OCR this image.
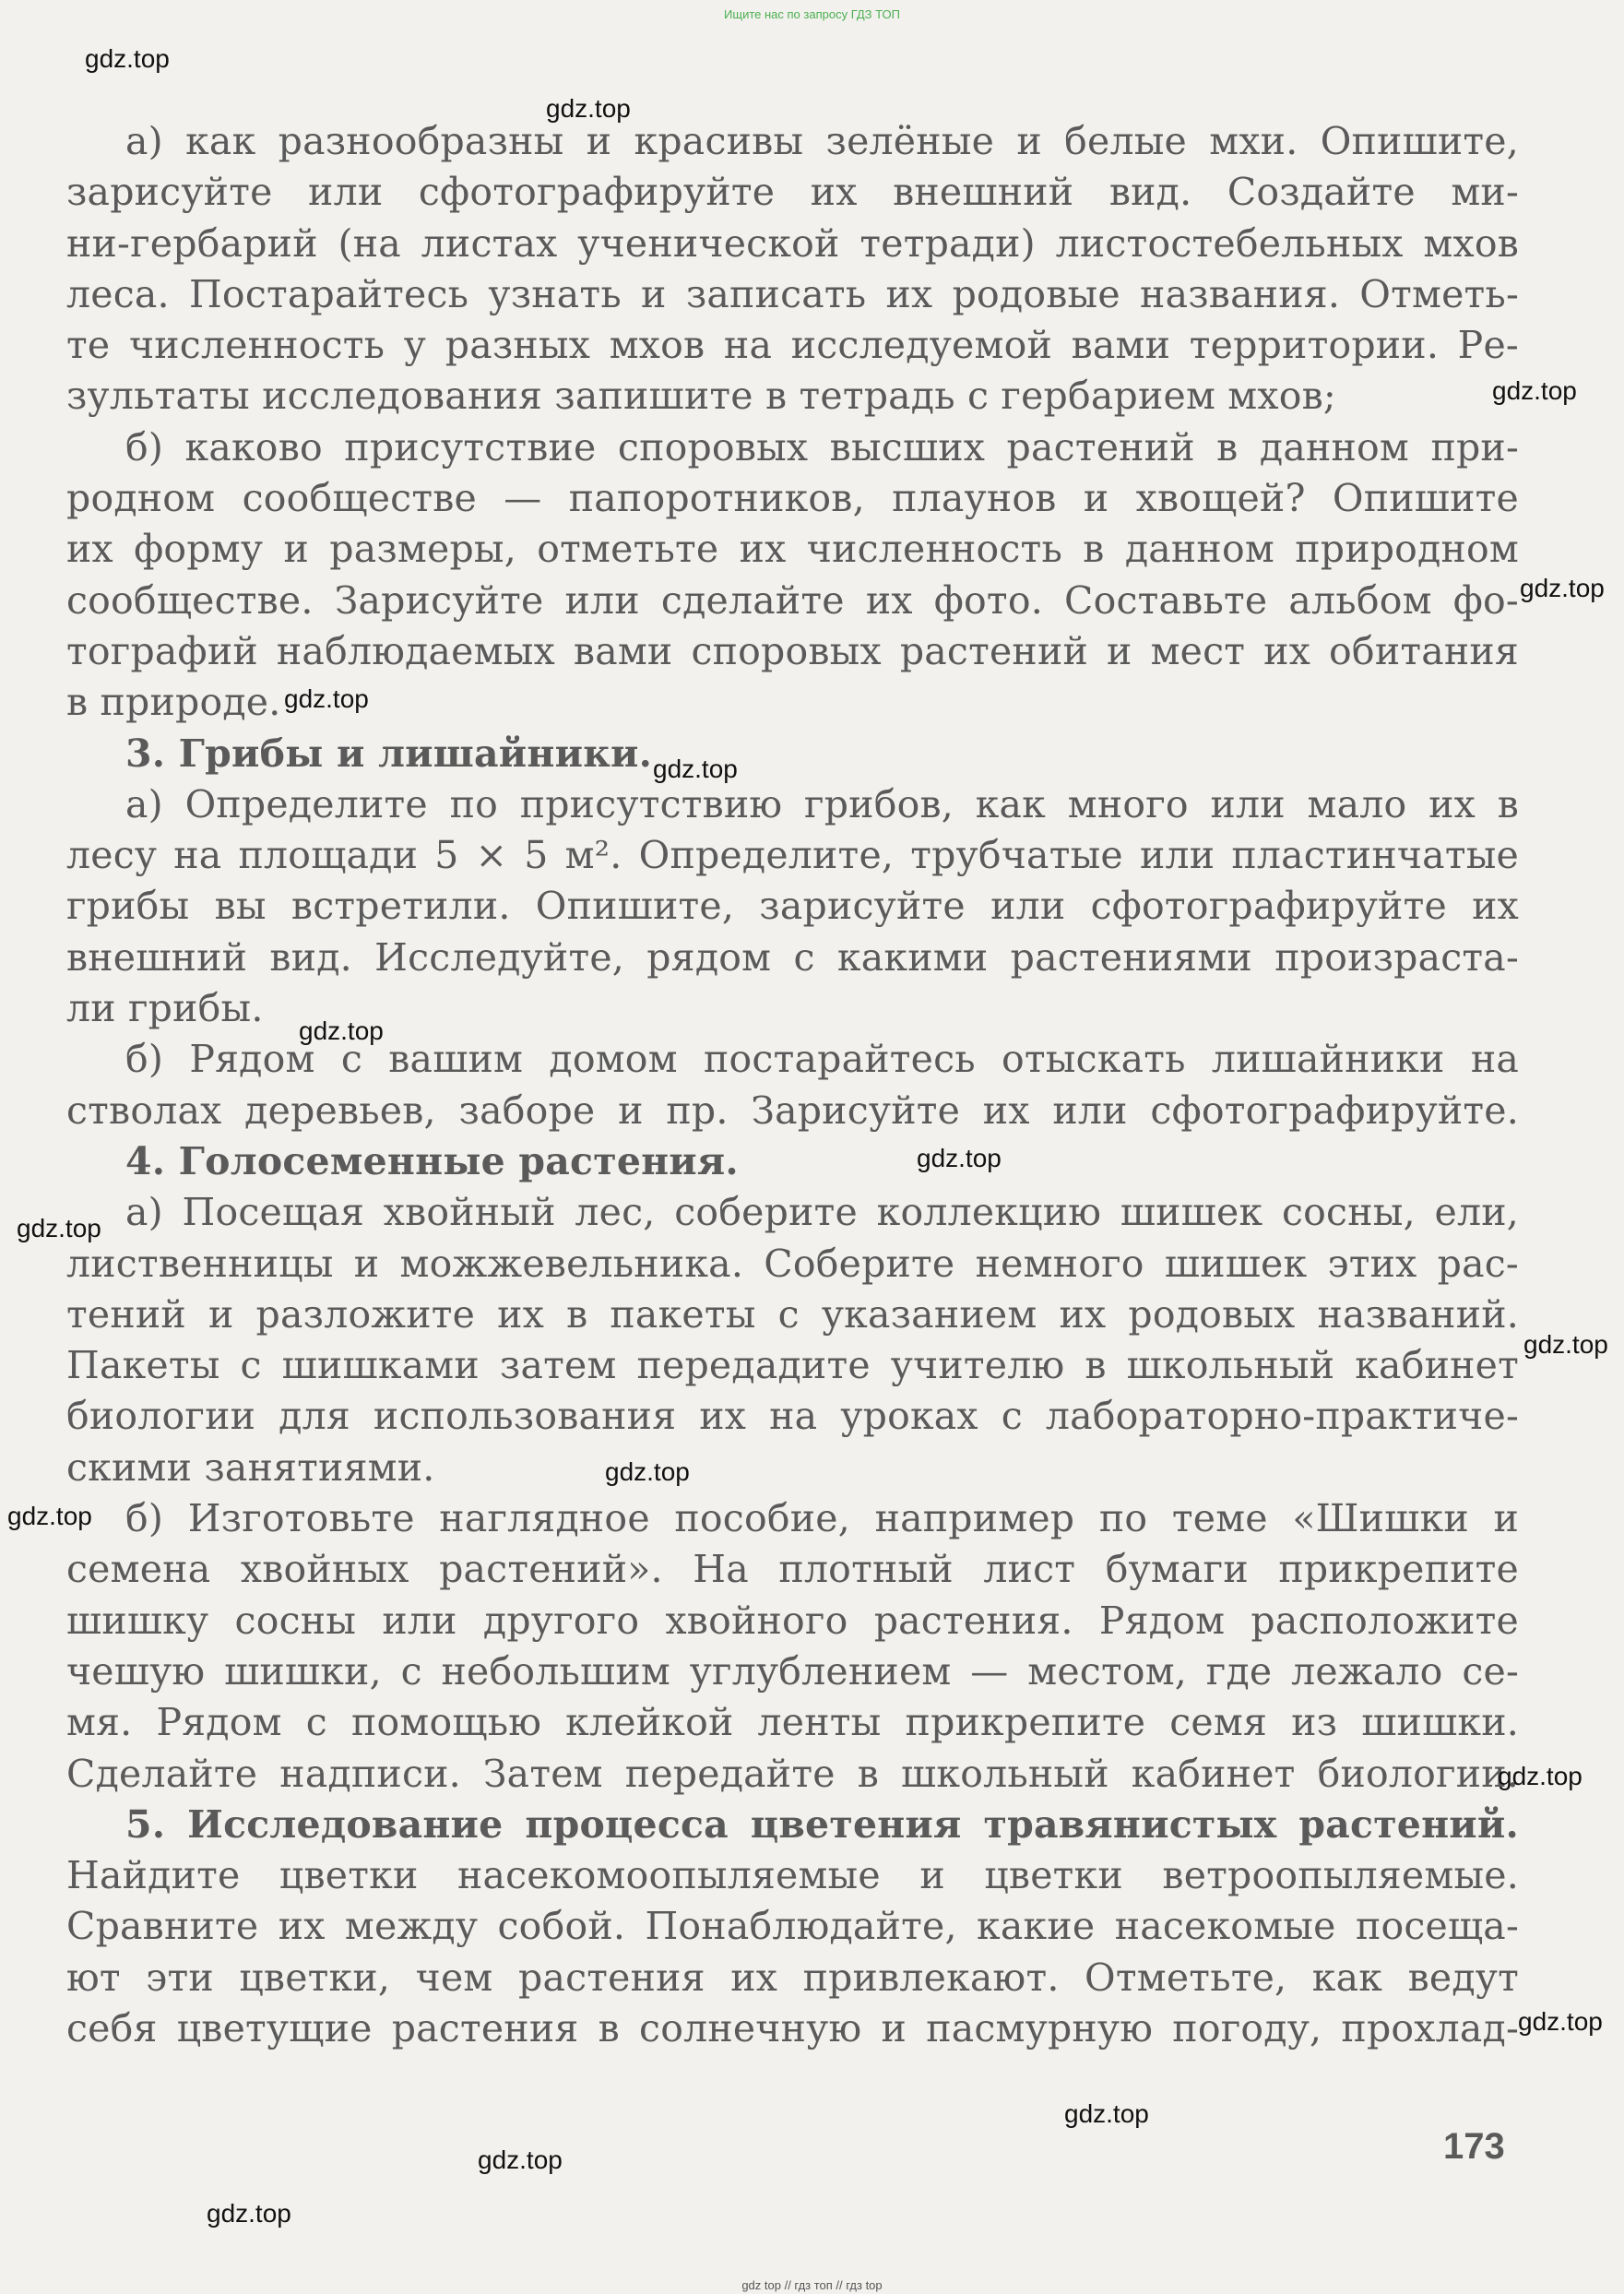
Ищите нас по запросу ГДЗ ТОП
а) как разнообразны и красивы зелёные и белые мхи. Опишите,
зарисуйте или сфотографируйте их внешний вид. Создайте ми-
ни-гербарий (на листах ученической тетради) листостебельных мхов
леса. Постарайтесь узнать и записать их родовые названия. Отметь-
те численность у разных мхов на исследуемой вами территории. Ре-
зультаты исследования запишите в тетрадь с гербарием мхов;
б) каково присутствие споровых высших растений в данном при-
родном сообществе — папоротников, плаунов и хвощей? Опишите
их форму и размеры, отметьте их численность в данном природном
сообществе. Зарисуйте или сделайте их фото. Составьте альбом фо-
тографий наблюдаемых вами споровых растений и мест их обитания
в природе.
3. Грибы и лишайники.
а) Определите по присутствию грибов, как много или мало их в
лесу на площади 5 × 5 м². Определите, трубчатые или пластинчатые
грибы вы встретили. Опишите, зарисуйте или сфотографируйте их
внешний вид. Исследуйте, рядом с какими растениями произраста-
ли грибы.
б) Рядом с вашим домом постарайтесь отыскать лишайники на
стволах деревьев, заборе и пр. Зарисуйте их или сфотографируйте.
4. Голосеменные растения.
а) Посещая хвойный лес, соберите коллекцию шишек сосны, ели,
лиственницы и можжевельника. Соберите немного шишек этих рас-
тений и разложите их в пакеты с указанием их родовых названий.
Пакеты с шишками затем передадите учителю в школьный кабинет
биологии для использования их на уроках с лабораторно-практиче-
скими занятиями.
б) Изготовьте наглядное пособие, например по теме «Шишки и
семена хвойных растений». На плотный лист бумаги прикрепите
шишку сосны или другого хвойного растения. Рядом расположите
чешую шишки, с небольшим углублением — местом, где лежало се-
мя. Рядом с помощью клейкой ленты прикрепите семя из шишки.
Сделайте надписи. Затем передайте в школьный кабинет биологии.
5. Исследование процесса цветения травянистых растений.
Найдите цветки насекомоопыляемые и цветки ветроопыляемые.
Сравните их между собой. Понаблюдайте, какие насекомые посеща-
ют эти цветки, чем растения их привлекают. Отметьте, как ведут
себя цветущие растения в солнечную и пасмурную погоду, прохлад-
173
gdz.top
gdz.top
gdz.top
gdz.top
gdz.top
gdz.top
gdz.top
gdz.top
gdz.top
gdz.top
gdz.top
gdz.top
gdz.top
gdz.top
gdz.top
gdz.top
gdz.top
gdz top // гдз топ // гдз top
